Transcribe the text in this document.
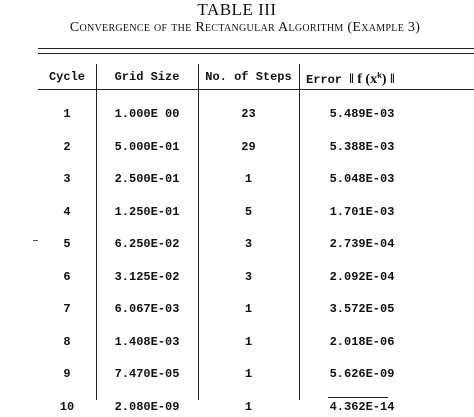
TABLE III
Convergence of the Rectangular Algorithm (Example 3)
Cycle	Grid Size	No. of Steps	Error ‖ f $(x^k)$ ‖
1	1.000E 00	23	5.489E-03
2	5.000E-01	29	5.388E-03
3	2.500E-01	1	5.048E-03
4	1.250E-01	5	1.701E-03
5	6.250E-02	3	2.739E-04
6	3.125E-02	3	2.092E-04
7	6.067E-03	1	3.572E-05
8	1.408E-03	1	2.018E-06
9	7.470E-05	1	5.626E-09
10	2.080E-09	1	4.362E-14
